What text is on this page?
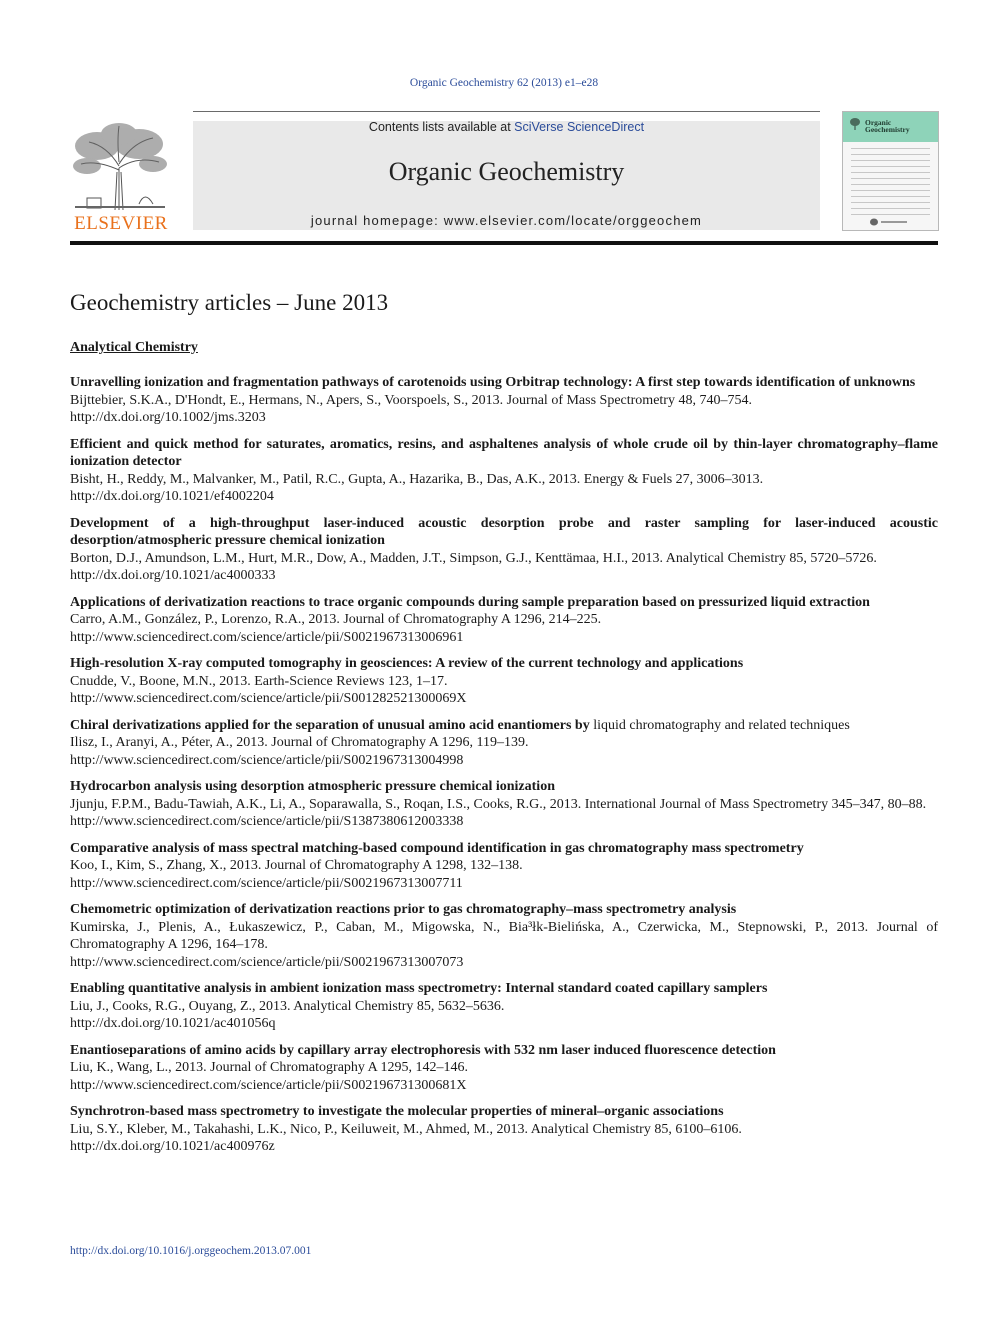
Organic Geochemistry 62 (2013) e1–e28
ELSEVIER
Contents lists available at SciVerse ScienceDirect
Organic Geochemistry
journal homepage: www.elsevier.com/locate/orggeochem
Organic Geochemistry
Geochemistry articles – June 2013
Analytical Chemistry
Unravelling ionization and fragmentation pathways of carotenoids using Orbitrap technology: A first step towards identification of unknowns
Bijttebier, S.K.A., D'Hondt, E., Hermans, N., Apers, S., Voorspoels, S., 2013. Journal of Mass Spectrometry 48, 740–754.
http://dx.doi.org/10.1002/jms.3203
Efficient and quick method for saturates, aromatics, resins, and asphaltenes analysis of whole crude oil by thin-layer chromatography–flame ionization detector
Bisht, H., Reddy, M., Malvanker, M., Patil, R.C., Gupta, A., Hazarika, B., Das, A.K., 2013. Energy & Fuels 27, 3006–3013.
http://dx.doi.org/10.1021/ef4002204
Development of a high-throughput laser-induced acoustic desorption probe and raster sampling for laser-induced acoustic desorption/atmospheric pressure chemical ionization
Borton, D.J., Amundson, L.M., Hurt, M.R., Dow, A., Madden, J.T., Simpson, G.J., Kenttämaa, H.I., 2013. Analytical Chemistry 85, 5720–5726.
http://dx.doi.org/10.1021/ac4000333
Applications of derivatization reactions to trace organic compounds during sample preparation based on pressurized liquid extraction
Carro, A.M., González, P., Lorenzo, R.A., 2013. Journal of Chromatography A 1296, 214–225.
http://www.sciencedirect.com/science/article/pii/S0021967313006961
High-resolution X-ray computed tomography in geosciences: A review of the current technology and applications
Cnudde, V., Boone, M.N., 2013. Earth-Science Reviews 123, 1–17.
http://www.sciencedirect.com/science/article/pii/S001282521300069X
Chiral derivatizations applied for the separation of unusual amino acid enantiomers by liquid chromatography and related techniques
Ilisz, I., Aranyi, A., Péter, A., 2013. Journal of Chromatography A 1296, 119–139.
http://www.sciencedirect.com/science/article/pii/S0021967313004998
Hydrocarbon analysis using desorption atmospheric pressure chemical ionization
Jjunju, F.P.M., Badu-Tawiah, A.K., Li, A., Soparawalla, S., Roqan, I.S., Cooks, R.G., 2013. International Journal of Mass Spectrometry 345–347, 80–88.
http://www.sciencedirect.com/science/article/pii/S1387380612003338
Comparative analysis of mass spectral matching-based compound identification in gas chromatography mass spectrometry
Koo, I., Kim, S., Zhang, X., 2013. Journal of Chromatography A 1298, 132–138.
http://www.sciencedirect.com/science/article/pii/S0021967313007711
Chemometric optimization of derivatization reactions prior to gas chromatography–mass spectrometry analysis
Kumirska, J., Plenis, A., Łukaszewicz, P., Caban, M., Migowska, N., Bia³łk-Bielińska, A., Czerwicka, M., Stepnowski, P., 2013. Journal of Chromatography A 1296, 164–178.
http://www.sciencedirect.com/science/article/pii/S0021967313007073
Enabling quantitative analysis in ambient ionization mass spectrometry: Internal standard coated capillary samplers
Liu, J., Cooks, R.G., Ouyang, Z., 2013. Analytical Chemistry 85, 5632–5636.
http://dx.doi.org/10.1021/ac401056q
Enantioseparations of amino acids by capillary array electrophoresis with 532 nm laser induced fluorescence detection
Liu, K., Wang, L., 2013. Journal of Chromatography A 1295, 142–146.
http://www.sciencedirect.com/science/article/pii/S002196731300681X
Synchrotron-based mass spectrometry to investigate the molecular properties of mineral–organic associations
Liu, S.Y., Kleber, M., Takahashi, L.K., Nico, P., Keiluweit, M., Ahmed, M., 2013. Analytical Chemistry 85, 6100–6106.
http://dx.doi.org/10.1021/ac400976z
http://dx.doi.org/10.1016/j.orggeochem.2013.07.001
